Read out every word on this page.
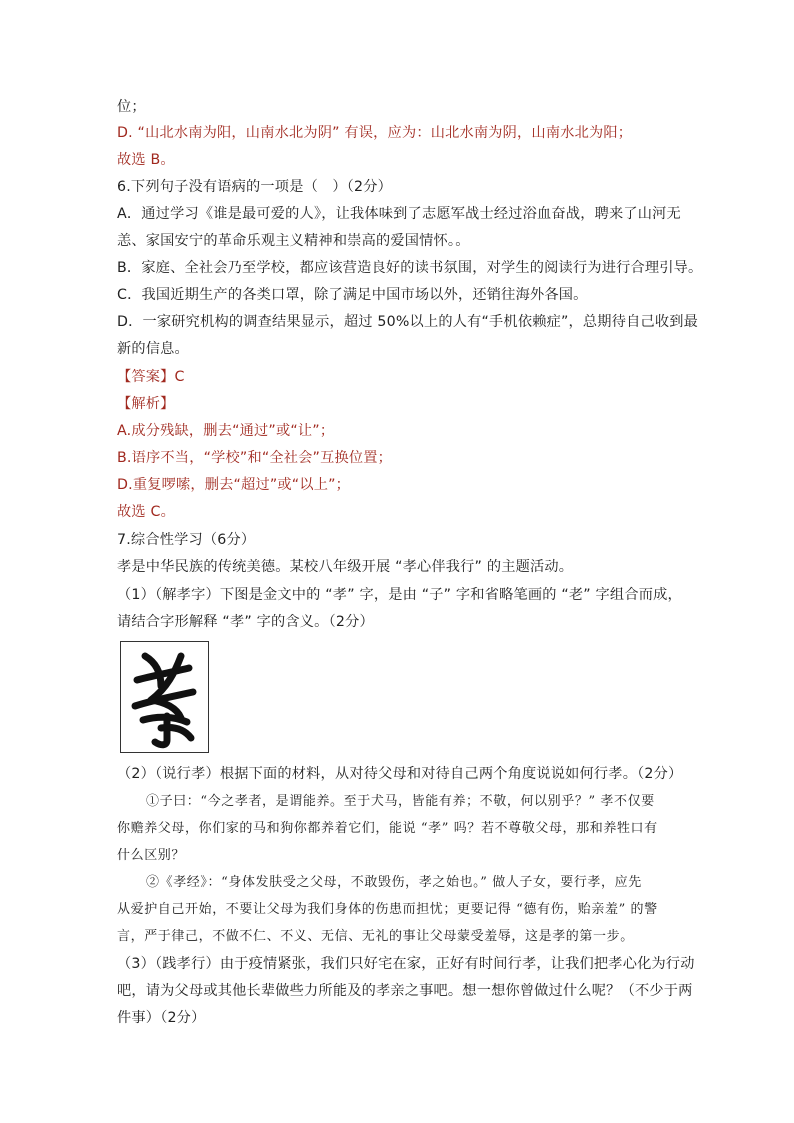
位；
D. “山北水南为阳，山南水北为阴” 有误，应为：山北水南为阴，山南水北为阳；
故选 B。
6.下列句子没有语病的一项是（　）（2分）
A．通过学习《谁是最可爱的人》，让我体味到了志愿军战士经过浴血奋战，聘来了山河无
恙、家国安宁的革命乐观主义精神和崇高的爱国情怀。。
B．家庭、全社会乃至学校，都应该营造良好的读书氛围，对学生的阅读行为进行合理引导。
C．我国近期生产的各类口罩，除了满足中国市场以外，还销往海外各国。
D．一家研究机构的调查结果显示，超过 50%以上的人有“手机依赖症”，总期待自己收到最
新的信息。
【答案】C
【解析】
A.成分残缺，删去“通过”或“让”；
B.语序不当，“学校”和“全社会”互换位置；
D.重复啰嗦，删去“超过”或“以上”；
故选 C。
7.综合性学习（6分）
孝是中华民族的传统美德。某校八年级开展 “孝心伴我行” 的主题活动。
（1）（解孝字）下图是金文中的 “孝” 字，是由 “子” 字和省略笔画的 “老” 字组合而成，
请结合字形解释 “孝” 字的含义。（2分）
（2）（说行孝）根据下面的材料，从对待父母和对待自己两个角度说说如何行孝。（2分）
①子曰：“今之孝者，是谓能养。至于犬马，皆能有养；不敬，何以别乎？” 孝不仅要
你赡养父母，你们家的马和狗你都养着它们，能说 “孝” 吗？若不尊敬父母，那和养牲口有
什么区别？
②《孝经》：“身体发肤受之父母，不敢毁伤，孝之始也。” 做人子女，要行孝，应先
从爱护自己开始，不要让父母为我们身体的伤患而担忧；更要记得 “德有伤，贻亲羞” 的警
言，严于律己，不做不仁、不义、无信、无礼的事让父母蒙受羞辱，这是孝的第一步。
（3）（践孝行）由于疫情紧张，我们只好宅在家，正好有时间行孝，让我们把孝心化为行动
吧，请为父母或其他长辈做些力所能及的孝亲之事吧。想一想你曾做过什么呢？（不少于两
件事）（2分）
